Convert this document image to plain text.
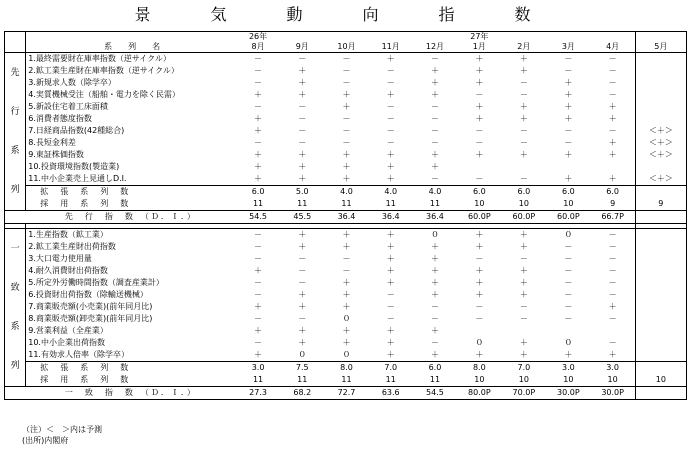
景　気　動　向　指　数
		26年					27年				
	系　　列　　名	8月	9月	10月	11月	12月	1月	2月	3月	4月	5月

先
行
系
列	1.最終需要財在庫率指数（逆サイクル）	－	－	－	＋	－	＋	＋	－	－	
	2.鉱工業生産財在庫率指数（逆サイクル）	－	＋	－	－	＋	＋	＋	－	－	
	3.新規求人数（除学卒）	－	＋	－	－	＋	＋	－	＋	－	
	4.実質機械受注（船舶・電力を除く民需）	＋	＋	＋	＋	＋	－	－	＋	－	
	5.新設住宅着工床面積	－	－	＋	－	－	＋	＋	＋	＋	
	6.消費者態度指数	＋	－	－	－	－	＋	＋	＋	＋	
	7.日経商品指数(42種総合)	＋	－	－	－	－	－	－	－	－	＜＋＞
	8.長短金利差	－	－	－	－	－	－	－	－	＋	＜＋＞
	9.東証株価指数	＋	＋	＋	＋	＋	＋	＋	＋	＋	＜＋＞
	10.投資環境指数(製造業)	＋	＋	＋	＋	＋					
	11.中小企業売上見通しD.I.	＋	＋	＋	＋	－	－	－	＋	＋	＜＋＞
	拡　張　系　列　数	6.0	5.0	4.0	4.0	4.0	6.0	6.0	6.0	6.0	
	採　用　系　列　数	11	11	11	11	11	10	10	10	9	9
	先　行　指　数　（Ｄ．Ｉ．）	54.5	45.5	36.4	36.4	36.4	60.0P	60.0P	60.0P	66.7P	

一
致
系
列	1.生産指数（鉱工業）	－	＋	＋	＋	０	＋	＋	０	－	
	2.鉱工業生産財出荷指数	－	＋	＋	＋	＋	＋	＋	－	－	
	3.大口電力使用量	－	－	－	＋	＋	－	－	－	－	
	4.耐久消費財出荷指数	＋	－	－	＋	＋	＋	＋	－	－	
	5.所定外労働時間指数（調査産業計）	－	－	＋	＋	＋	＋	＋	－	－	
	6.投資財出荷指数（除輸送機械）	－	＋	＋	－	＋	＋	＋	－	－	
	7.商業販売額(小売業)(前年同月比)	＋	＋	＋	－	－	－	－	－	＋	
	8.商業販売額(卸売業)(前年同月比)	－	－	０	－	－	－	－	－	－	
	9.営業利益（全産業）	＋	＋	＋	＋	＋					
	10.中小企業出荷指数	－	＋	＋	＋	－	０	＋	０	－	
	11.有効求人倍率（除学卒）	＋	０	０	＋	＋	＋	＋	＋	＋	
	拡　張　系　列　数	3.0	7.5	8.0	7.0	6.0	8.0	7.0	3.0	3.0	
	採　用　系　列　数	11	11	11	11	11	10	10	10	10	10
	一　致　指　数　（Ｄ．Ｉ．）	27.3	68.2	72.7	63.6	54.5	80.0P	70.0P	30.0P	30.0P	
（注）＜　＞内は予測
(出所)内閣府
